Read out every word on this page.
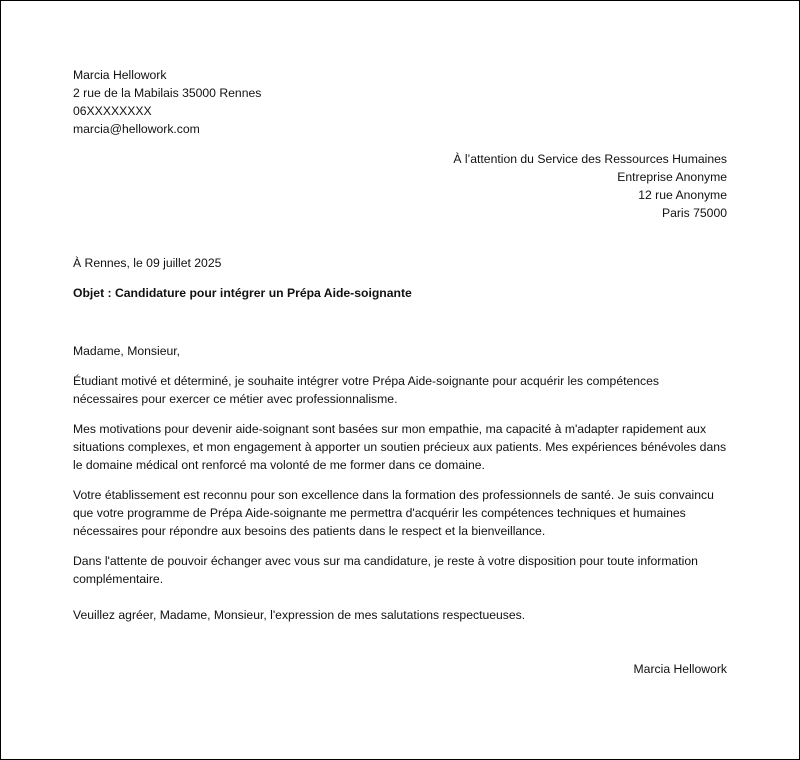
Marcia Hellowork
2 rue de la Mabilais 35000 Rennes
06XXXXXXXX
marcia@hellowork.com
À l’attention du Service des Ressources Humaines
Entreprise Anonyme
12 rue Anonyme
Paris 75000
À Rennes, le 09 juillet 2025
Objet : Candidature pour intégrer un Prépa Aide-soignante
Madame, Monsieur,
Étudiant motivé et déterminé, je souhaite intégrer votre Prépa Aide-soignante pour acquérir les compétences nécessaires pour exercer ce métier avec professionnalisme.
Mes motivations pour devenir aide-soignant sont basées sur mon empathie, ma capacité à m'adapter rapidement aux situations complexes, et mon engagement à apporter un soutien précieux aux patients. Mes expériences bénévoles dans le domaine médical ont renforcé ma volonté de me former dans ce domaine.
Votre établissement est reconnu pour son excellence dans la formation des professionnels de santé. Je suis convaincu que votre programme de Prépa Aide-soignante me permettra d'acquérir les compétences techniques et humaines nécessaires pour répondre aux besoins des patients dans le respect et la bienveillance.
Dans l'attente de pouvoir échanger avec vous sur ma candidature, je reste à votre disposition pour toute information complémentaire.
Veuillez agréer, Madame, Monsieur, l'expression de mes salutations respectueuses.
Marcia Hellowork
